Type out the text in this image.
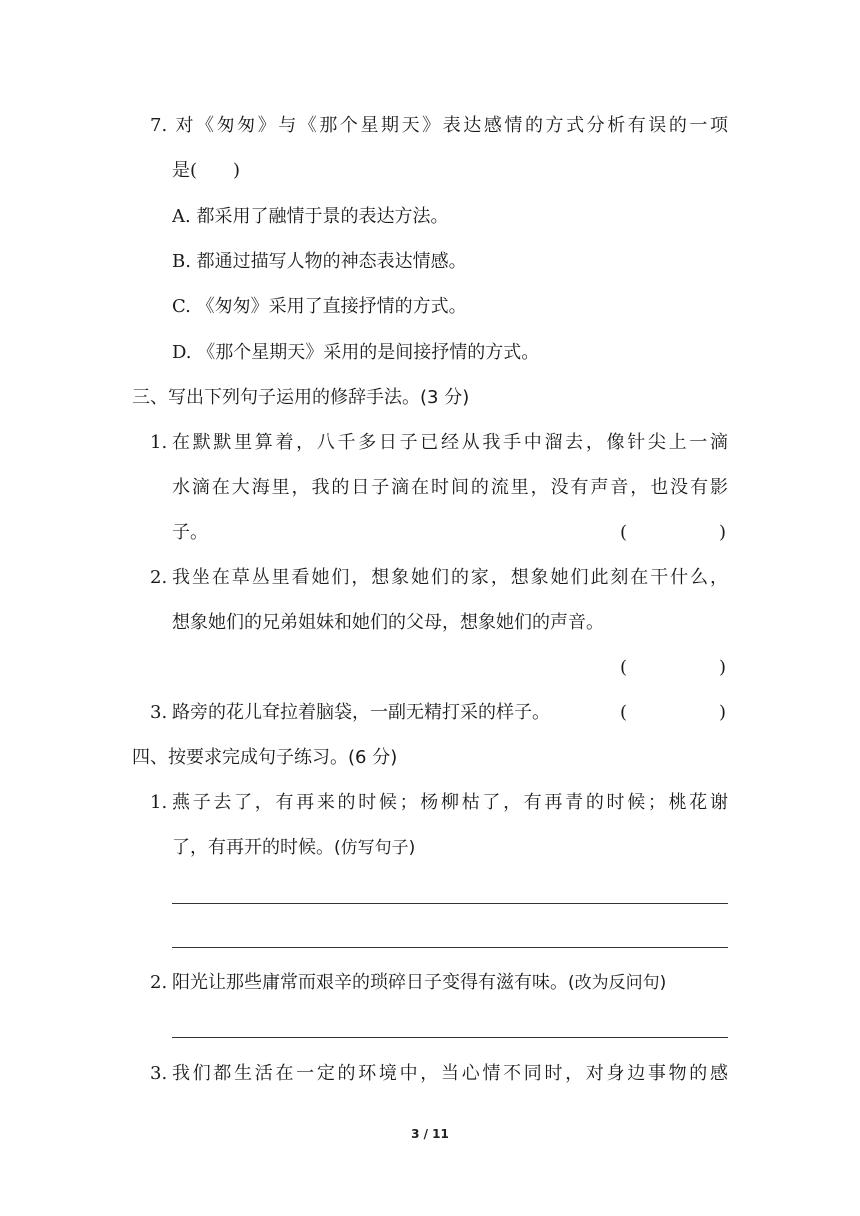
7. 对《匆匆》与《那个星期天》表达感情的方式分析有误的一项

是(　　)

A. 都采用了融情于景的表达方法。

B. 都通过描写人物的神态表达情感。

C. 《匆匆》采用了直接抒情的方式。

D. 《那个星期天》采用的是间接抒情的方式。

三、写出下列句子运用的修辞手法。(3 分)

1. 在默默里算着，八千多日子已经从我手中溜去，像针尖上一滴

水滴在大海里，我的日子滴在时间的流里，没有声音，也没有影

子。	(	)

2. 我坐在草丛里看她们，想象她们的家，想象她们此刻在干什么，

想象她们的兄弟姐妹和她们的父母，想象她们的声音。

(	)

3. 路旁的花儿耷拉着脑袋，一副无精打采的样子。	(	)

四、按要求完成句子练习。(6 分)

1. 燕子去了，有再来的时候；杨柳枯了，有再青的时候；桃花谢

了，有再开的时候。(仿写句子)

2. 阳光让那些庸常而艰辛的琐碎日子变得有滋有味。(改为反问句)

3. 我们都生活在一定的环境中，当心情不同时，对身边事物的感

3 / 11
